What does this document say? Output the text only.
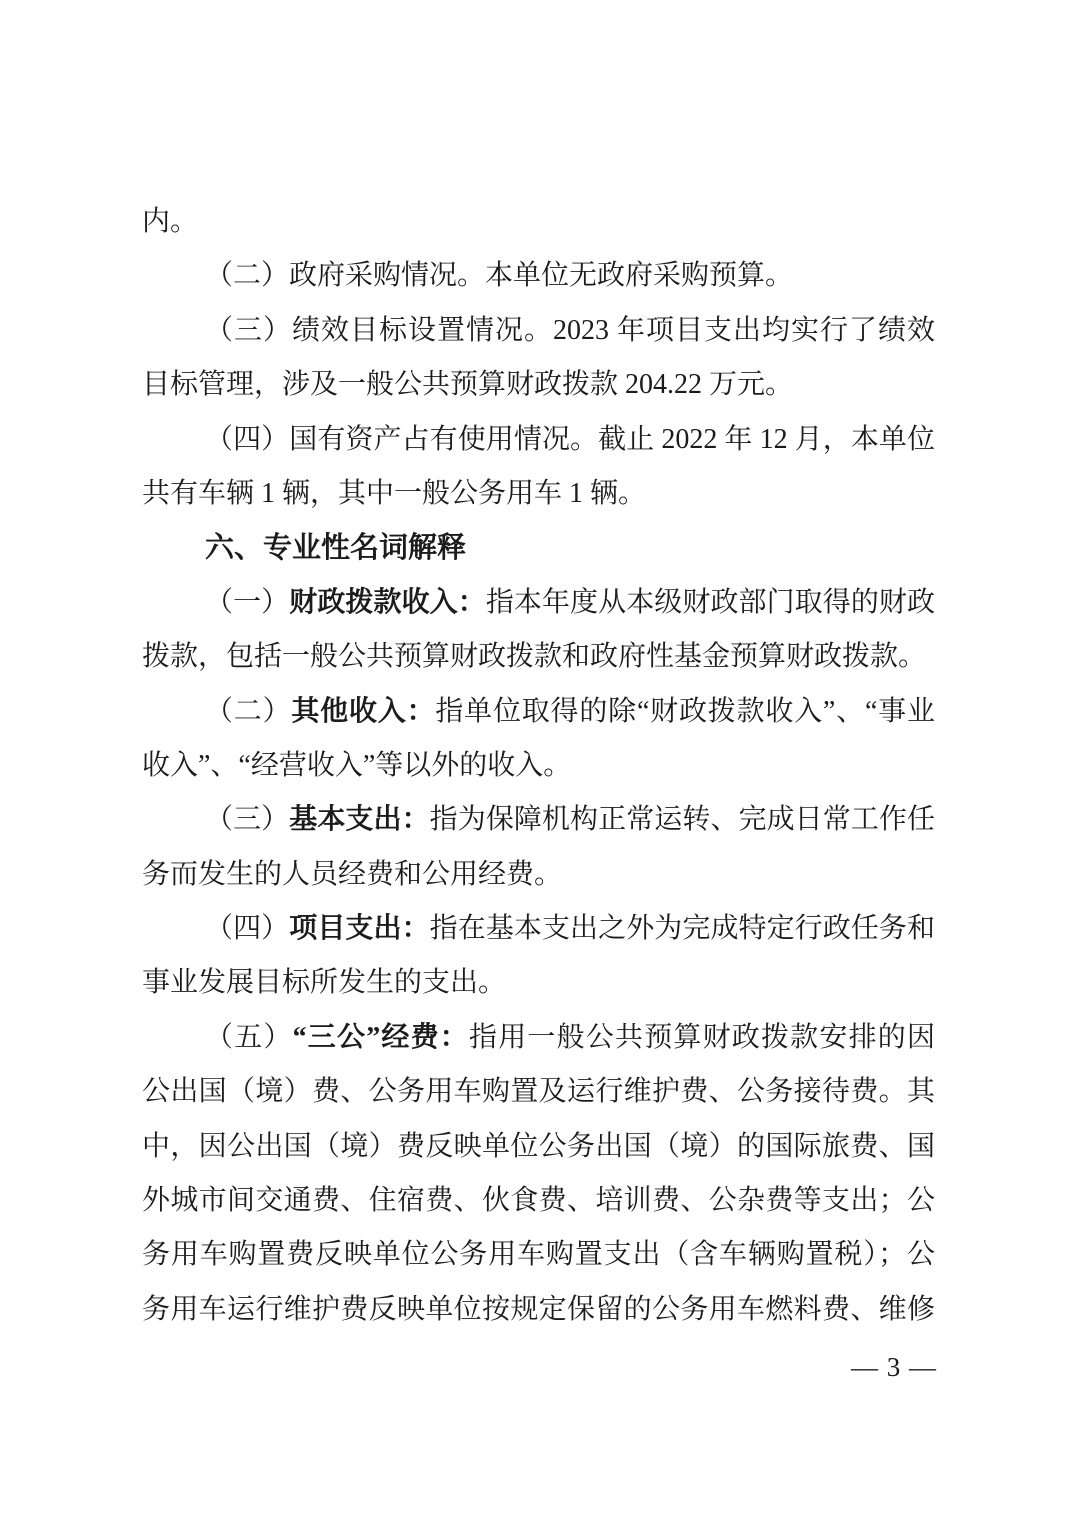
内。
（二）政府采购情况。本单位无政府采购预算。
（三）绩效目标设置情况。2023 年项目支出均实行了绩效
目标管理，涉及一般公共预算财政拨款 204.22 万元。
（四）国有资产占有使用情况。截止 2022 年 12 月，本单位
共有车辆 1 辆，其中一般公务用车 1 辆。
六、专业性名词解释
（一）财政拨款收入：指本年度从本级财政部门取得的财政
拨款，包括一般公共预算财政拨款和政府性基金预算财政拨款。
（二）其他收入：指单位取得的除“财政拨款收入”、“事业
收入”、“经营收入”等以外的收入。
（三）基本支出：指为保障机构正常运转、完成日常工作任
务而发生的人员经费和公用经费。
（四）项目支出：指在基本支出之外为完成特定行政任务和
事业发展目标所发生的支出。
（五）“三公”经费：指用一般公共预算财政拨款安排的因
公出国（境）费、公务用车购置及运行维护费、公务接待费。其
中，因公出国（境）费反映单位公务出国（境）的国际旅费、国
外城市间交通费、住宿费、伙食费、培训费、公杂费等支出；公
务用车购置费反映单位公务用车购置支出（含车辆购置税）；公
务用车运行维护费反映单位按规定保留的公务用车燃料费、维修
— 3 —
